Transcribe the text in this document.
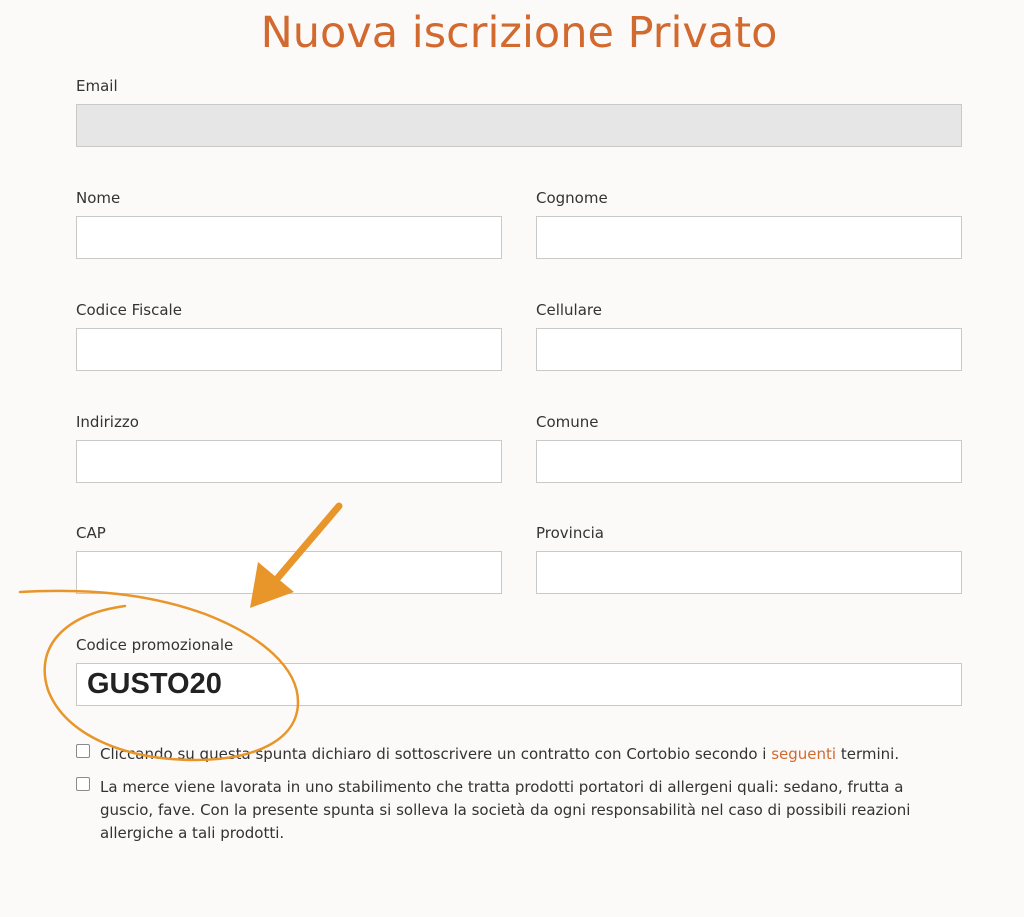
Nuova iscrizione Privato
Email
Nome	Cognome
Codice Fiscale	Cellulare
Indirizzo	Comune
CAP	Provincia
Codice promozionale
GUSTO20
Cliccando su questa spunta dichiaro di sottoscrivere un contratto con Cortobio secondo i seguenti termini.
La merce viene lavorata in uno stabilimento che tratta prodotti portatori di allergeni quali: sedano, frutta a guscio, fave. Con la presente spunta si solleva la società da ogni responsabilità nel caso di possibili reazioni allergiche a tali prodotti.
